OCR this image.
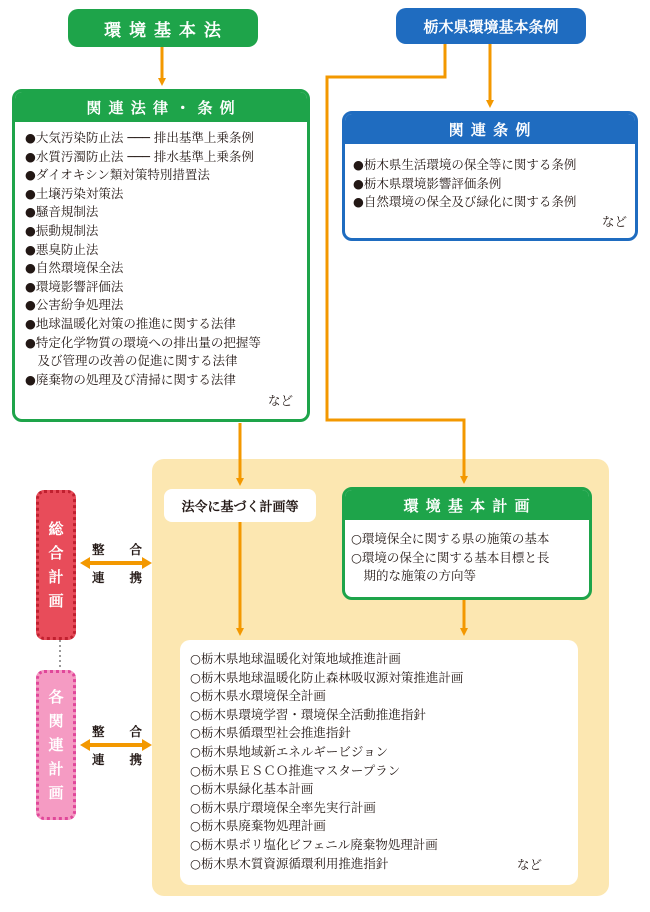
環 境 基 本 法	栃木県環境基本条例
関 連 法 律 ・ 条 例
●大気汚染防止法 ─── 排出基準上乗条例
●水質汚濁防止法 ─── 排水基準上乗条例
●ダイオキシン類対策特別措置法
●土壌汚染対策法
●騒音規制法
●振動規制法
●悪臭防止法
●自然環境保全法
●環境影響評価法
●公害紛争処理法
●地球温暖化対策の推進に関する法律
●特定化学物質の環境への排出量の把握等
　及び管理の改善の促進に関する法律
●廃棄物の処理及び清掃に関する法律
など
関 連 条 例
●栃木県生活環境の保全等に関する条例
●栃木県環境影響評価条例
●自然環境の保全及び緑化に関する条例
など
法令に基づく計画等	環 境 基 本 計 画
○環境保全に関する県の施策の基本
○環境の保全に関する基本目標と長
　期的な施策の方向等
○栃木県地球温暖化対策地域推進計画
○栃木県地球温暖化防止森林吸収源対策推進計画
○栃木県水環境保全計画
○栃木県環境学習・環境保全活動推進指針
○栃木県循環型社会推進指針
○栃木県地域新エネルギービジョン
○栃木県ＥＳＣＯ推進マスタープラン
○栃木県緑化基本計画
○栃木県庁環境保全率先実行計画
○栃木県廃棄物処理計画
○栃木県ポリ塩化ビフェニル廃棄物処理計画
○栃木県木質資源循環利用推進指針	など
総
合
計
画
各
関
連
計
画
整 合
連 携
整 合
連 携
